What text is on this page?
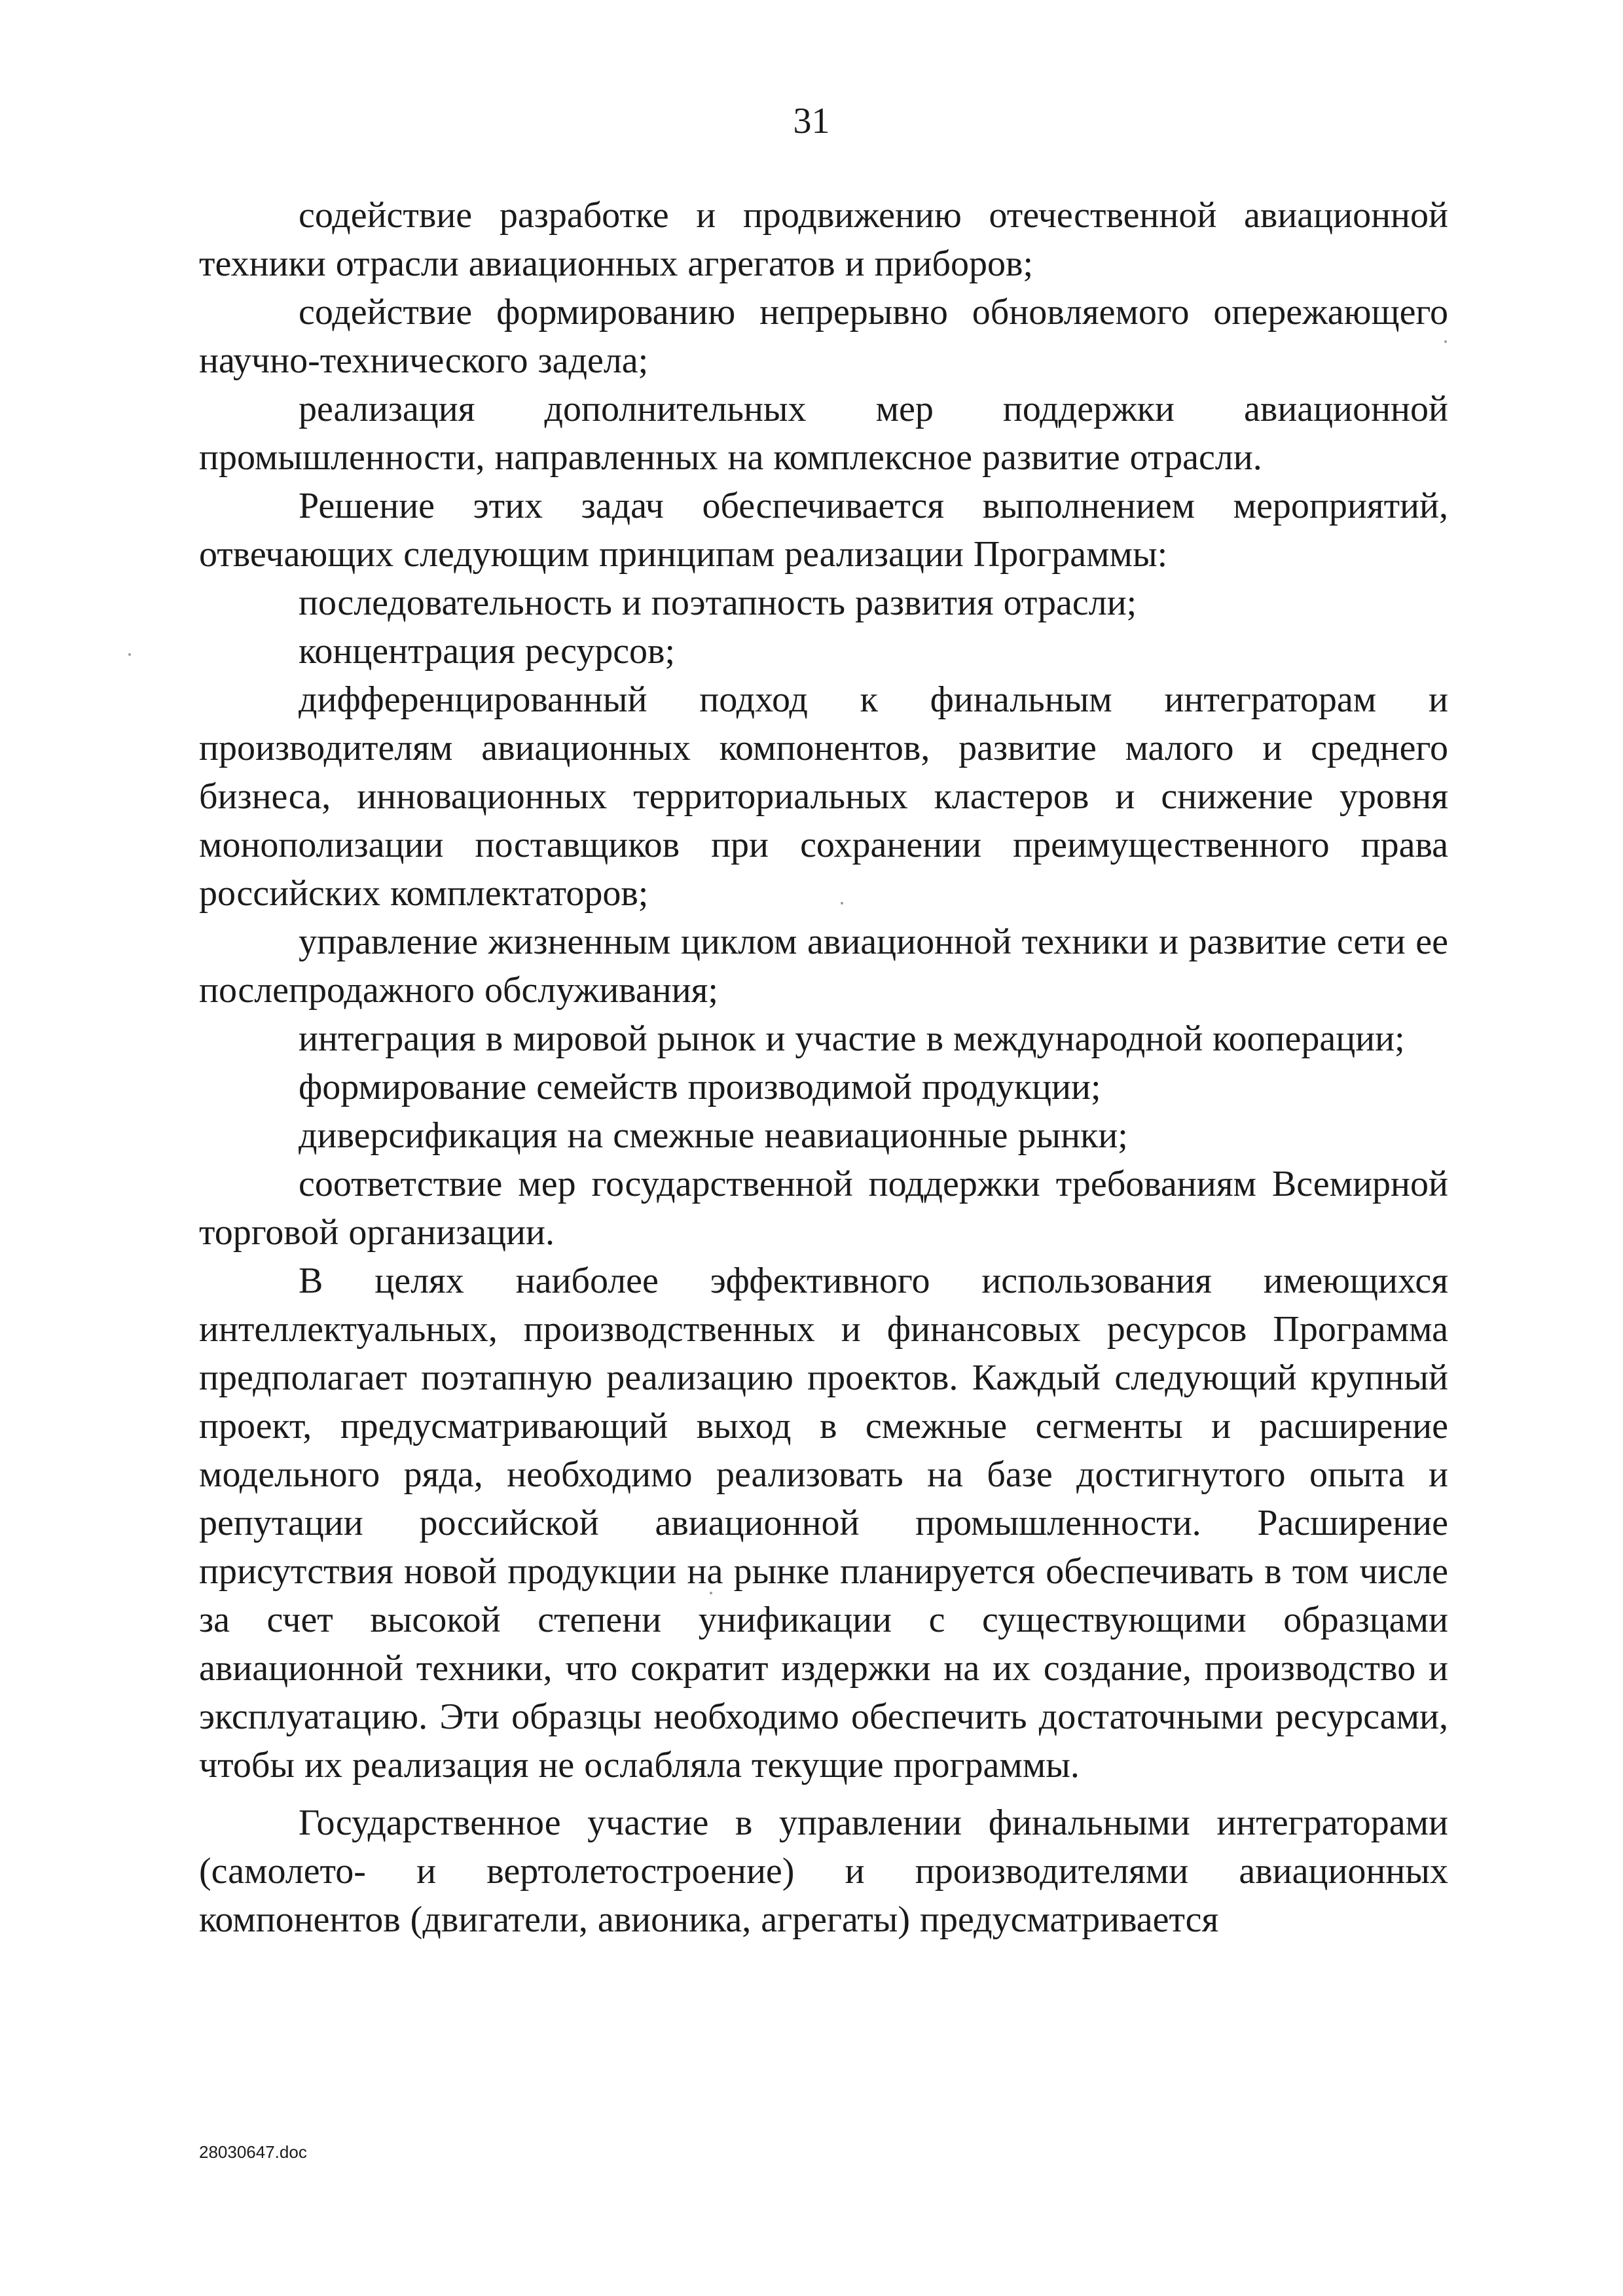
31

содействие разработке и продвижению отечественной авиационной техники отрасли авиационных агрегатов и приборов;

содействие формированию непрерывно обновляемого опережающего научно-технического задела;

реализация дополнительных мер поддержки авиационной промышленности, направленных на комплексное развитие отрасли.

Решение этих задач обеспечивается выполнением мероприятий, отвечающих следующим принципам реализации Программы:

последовательность и поэтапность развития отрасли;

концентрация ресурсов;

дифференцированный подход к финальным интеграторам и производителям авиационных компонентов, развитие малого и среднего бизнеса, инновационных территориальных кластеров и снижение уровня монополизации поставщиков при сохранении преимущественного права российских комплектаторов;

управление жизненным циклом авиационной техники и развитие сети ее послепродажного обслуживания;

интеграция в мировой рынок и участие в международной кооперации;

формирование семейств производимой продукции;

диверсификация на смежные неавиационные рынки;

соответствие мер государственной поддержки требованиям Всемирной торговой организации.

В целях наиболее эффективного использования имеющихся интеллектуальных, производственных и финансовых ресурсов Программа предполагает поэтапную реализацию проектов. Каждый следующий крупный проект, предусматривающий выход в смежные сегменты и расширение модельного ряда, необходимо реализовать на базе достигнутого опыта и репутации российской авиационной промышленности. Расширение присутствия новой продукции на рынке планируется обеспечивать в том числе за счет высокой степени унификации с существующими образцами авиационной техники, что сократит издержки на их создание, производство и эксплуатацию. Эти образцы необходимо обеспечить достаточными ресурсами, чтобы их реализация не ослабляла текущие программы.

Государственное участие в управлении финальными интеграторами (самолето- и вертолетостроение) и производителями авиационных компонентов (двигатели, авионика, агрегаты) предусматривается

28030647.doc
